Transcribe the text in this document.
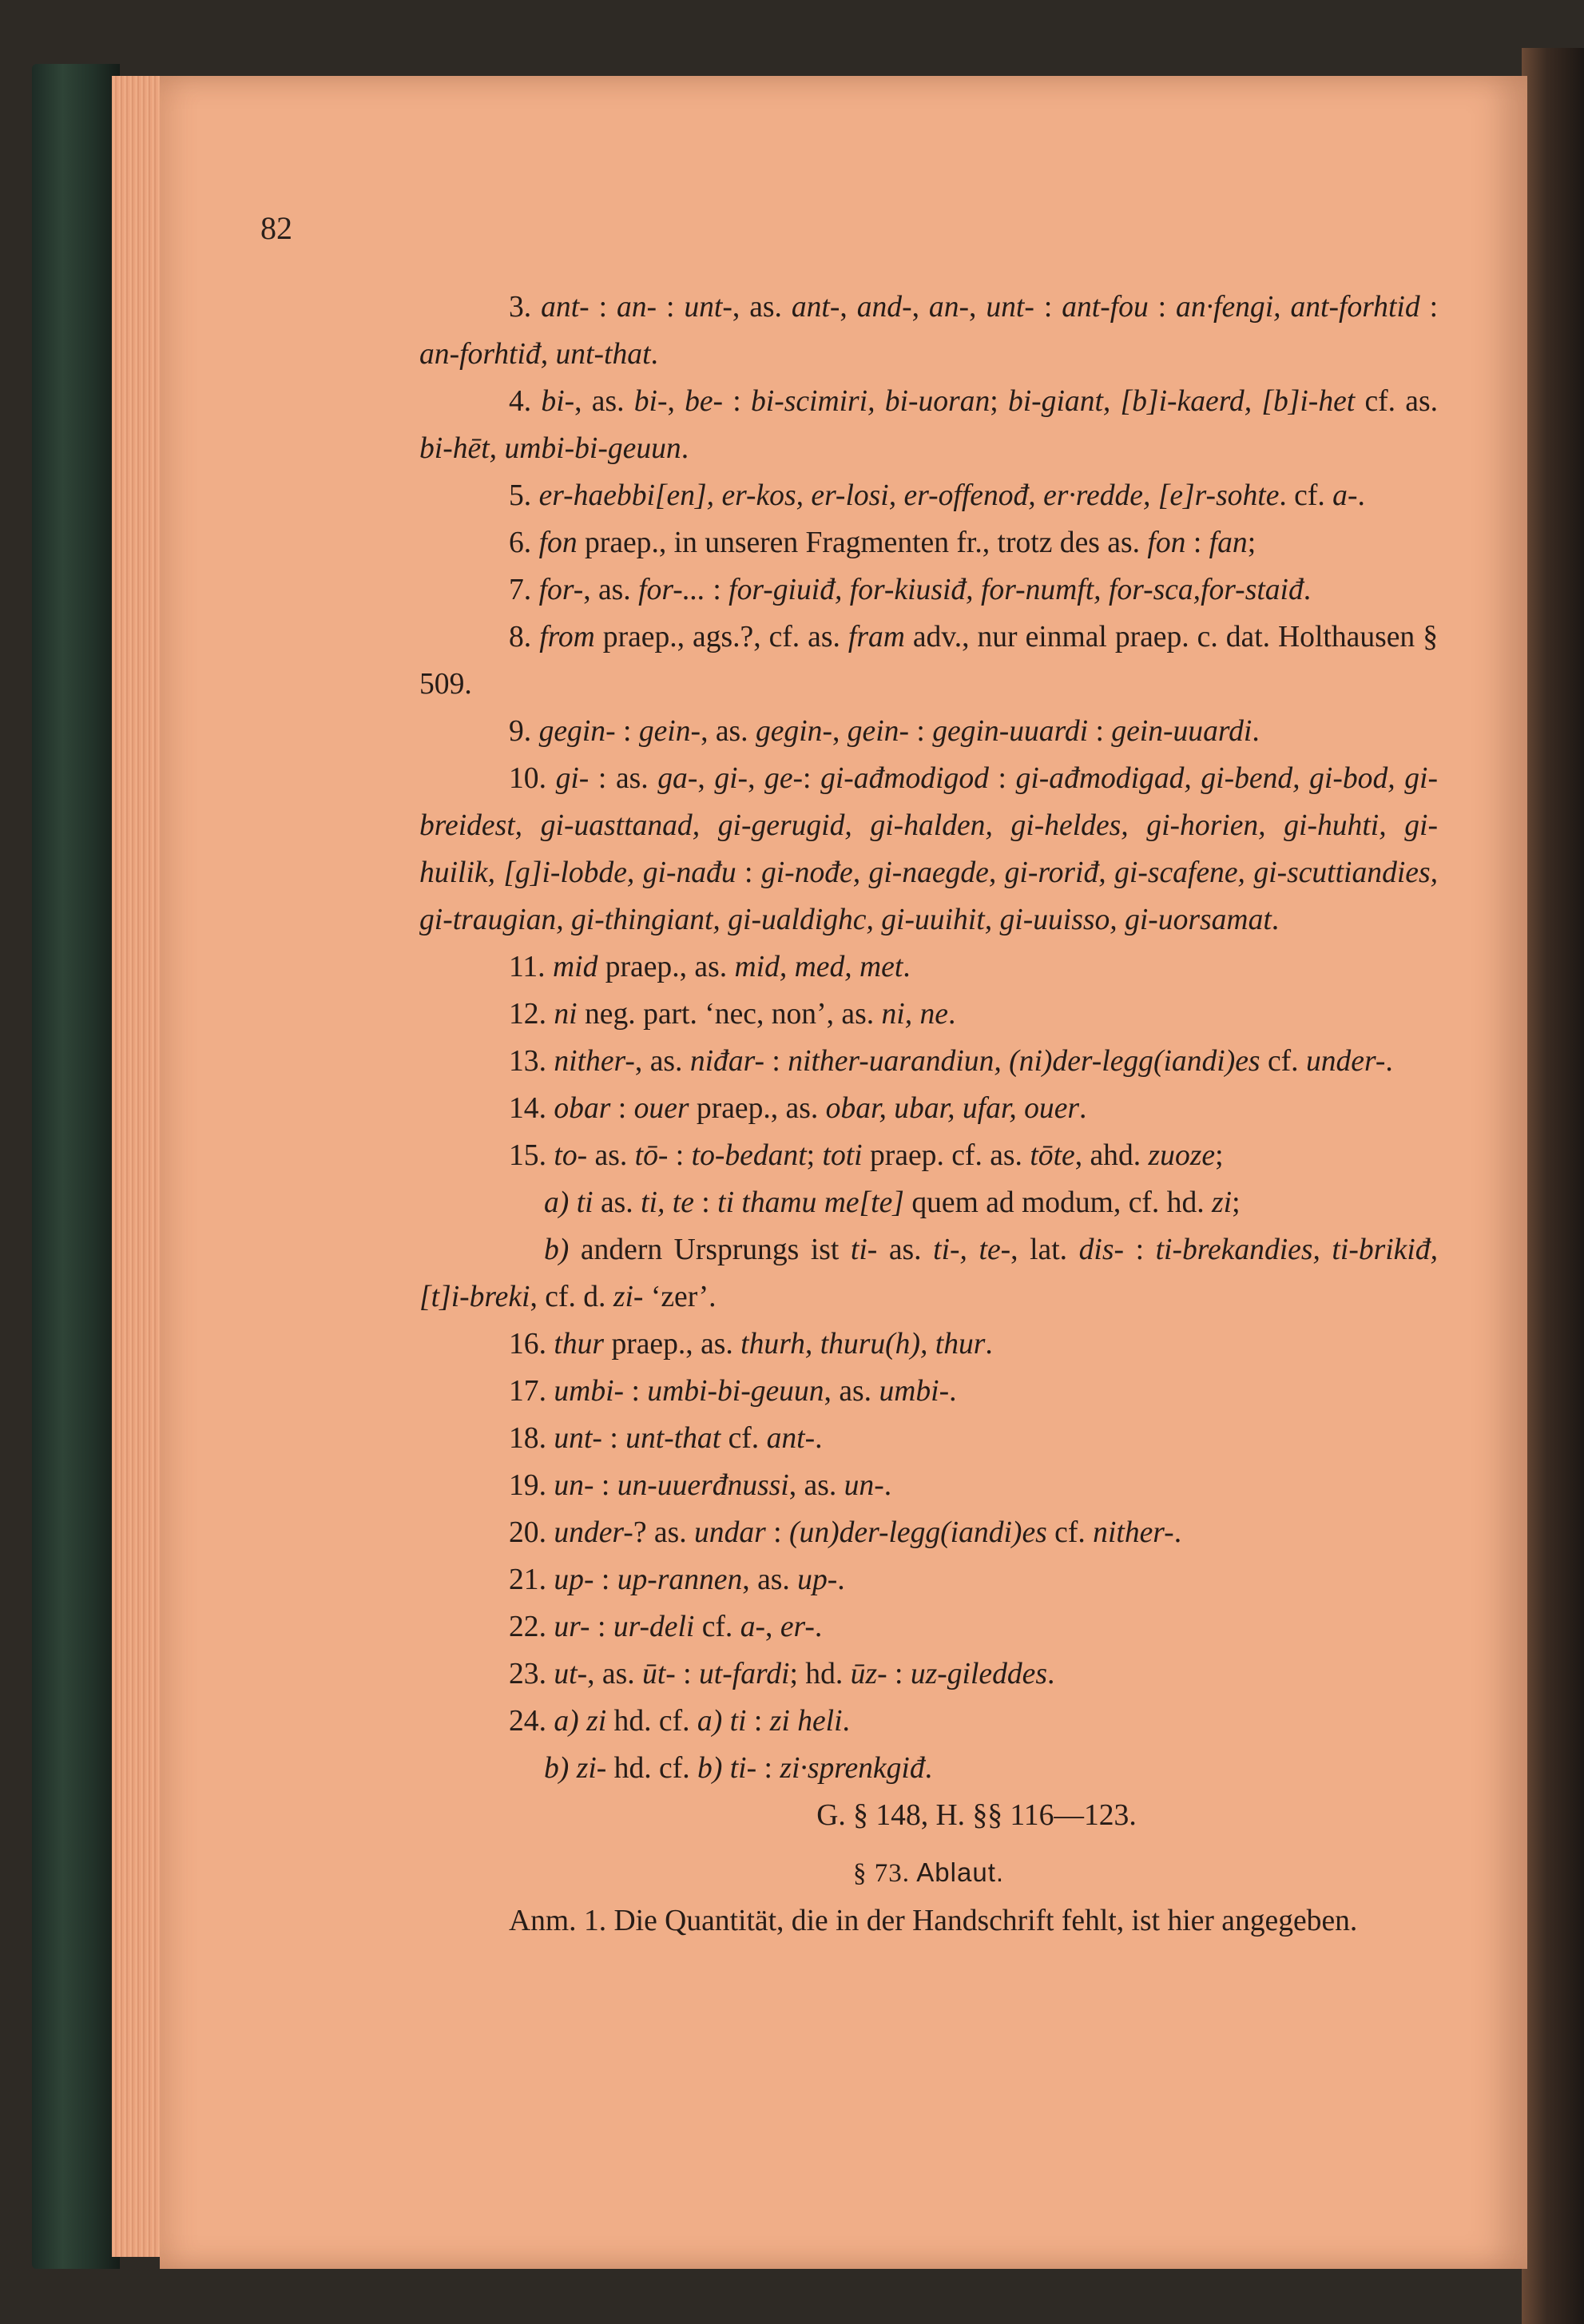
82

3. ant- : an- : unt-, as. ant-, and-, an-, unt- : ant-fou : an·fengi, ant-forhtid : an-forhtiđ, unt-that.

4. bi-, as. bi-, be- : bi-scimiri, bi-uoran; bi-giant, [b]i-kaerd, [b]i-het cf. as. bi-hēt, umbi-bi-geuun.

5. er-haebbi[en], er-kos, er-losi, er-offenođ, er·redde, [e]r-sohte. cf. a-.

6. fon praep., in unseren Fragmenten fr., trotz des as. fon : fan;

7. for-, as. for-... : for-giuiđ, for-kiusiđ, for-numft, for-sca,for-staiđ.

8. from praep., ags.?, cf. as. fram adv., nur einmal praep. c. dat. Holthausen § 509.

9. gegin- : gein-, as. gegin-, gein- : gegin-uuardi : gein-uuardi.

10. gi- : as. ga-, gi-, ge-: gi-ađmodigod : gi-ađmodigad, gi-bend, gi-bod, gi-breidest, gi-uasttanad, gi-gerugid, gi-halden, gi-heldes, gi-horien, gi-huhti, gi-huilik, [g]i-lobde, gi-nađu : gi-nođe, gi-naegde, gi-roriđ, gi-scafene, gi-scuttiandies, gi-traugian, gi-thingiant, gi-ualdighc, gi-uuihit, gi-uuisso, gi-uorsamat.

11. mid praep., as. mid, med, met.

12. ni neg. part. ‘nec, non’, as. ni, ne.

13. nither-, as. niđar- : nither-uarandiun, (ni)der-legg(iandi)es cf. under-.

14. obar : ouer praep., as. obar, ubar, ufar, ouer.

15. to- as. tō- : to-bedant; toti praep. cf. as. tōte, ahd. zuoze;

a) ti as. ti, te : ti thamu me[te] quem ad modum, cf. hd. zi;

b) andern Ursprungs ist ti- as. ti-, te-, lat. dis- : ti-brekandies, ti-brikiđ, [t]i-breki, cf. d. zi- ‘zer’.

16. thur praep., as. thurh, thuru(h), thur.

17. umbi- : umbi-bi-geuun, as. umbi-.

18. unt- : unt-that cf. ant-.

19. un- : un-uuerđnussi, as. un-.

20. under-? as. undar : (un)der-legg(iandi)es cf. nither-.

21. up- : up-rannen, as. up-.

22. ur- : ur-deli cf. a-, er-.

23. ut-, as. ūt- : ut-fardi; hd. ūz- : uz-gileddes.

24. a) zi hd. cf. a) ti : zi heli.

b) zi- hd. cf. b) ti- : zi·sprenkgiđ.

G. § 148, H. §§ 116—123.

§ 73. Ablaut.

Anm. 1. Die Quantität, die in der Handschrift fehlt, ist hier angegeben.
